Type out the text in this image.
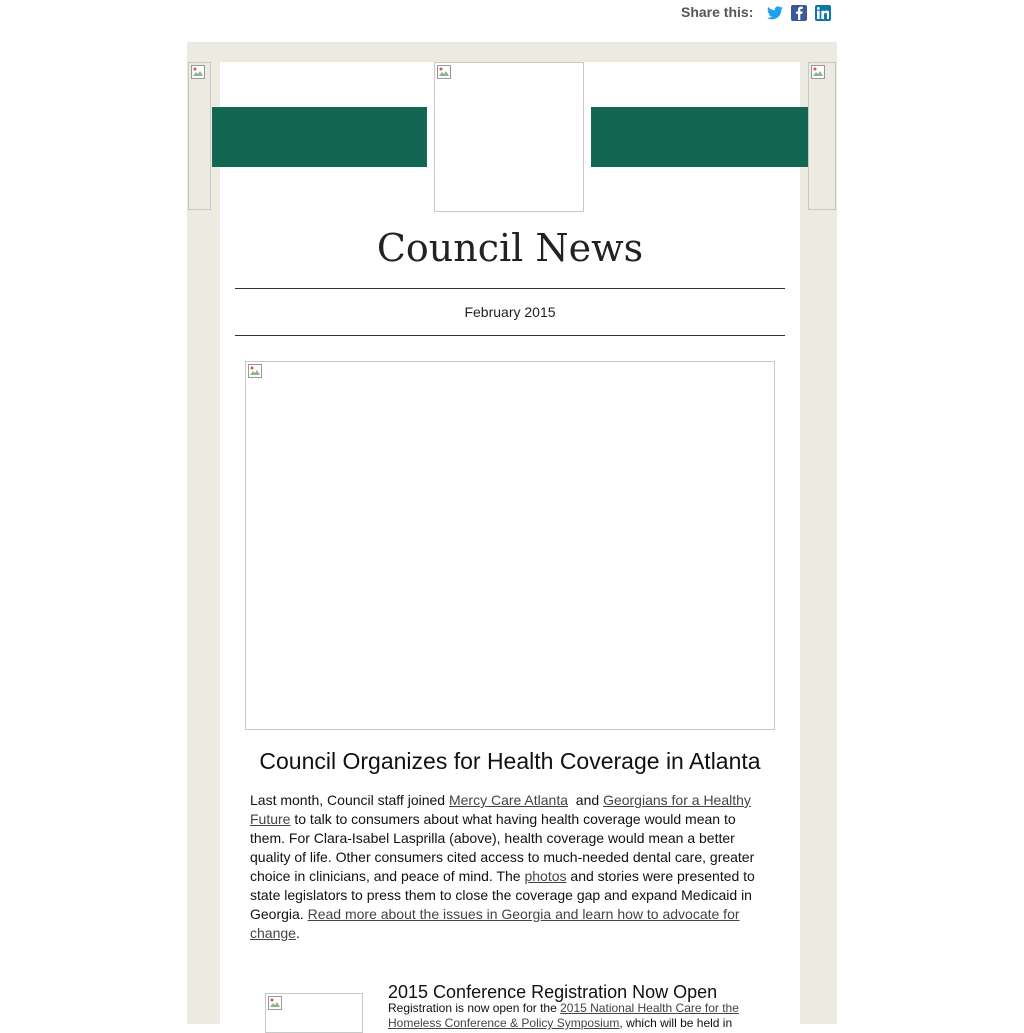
Share this:
Council News
February 2015
Council Organizes for Health Coverage in Atlanta
Last month, Council staff joined Mercy Care Atlanta  and Georgians for a Healthy Future to talk to consumers about what having health coverage would mean to them. For Clara-Isabel Lasprilla (above), health coverage would mean a better quality of life. Other consumers cited access to much-needed dental care, greater choice in clinicians, and peace of mind. The photos and stories were presented to state legislators to press them to close the coverage gap and expand Medicaid in Georgia. Read more about the issues in Georgia and learn how to advocate for change.
2015 Conference Registration Now Open
Registration is now open for the 2015 National Health Care for the Homeless Conference & Policy Symposium, which will be held in
